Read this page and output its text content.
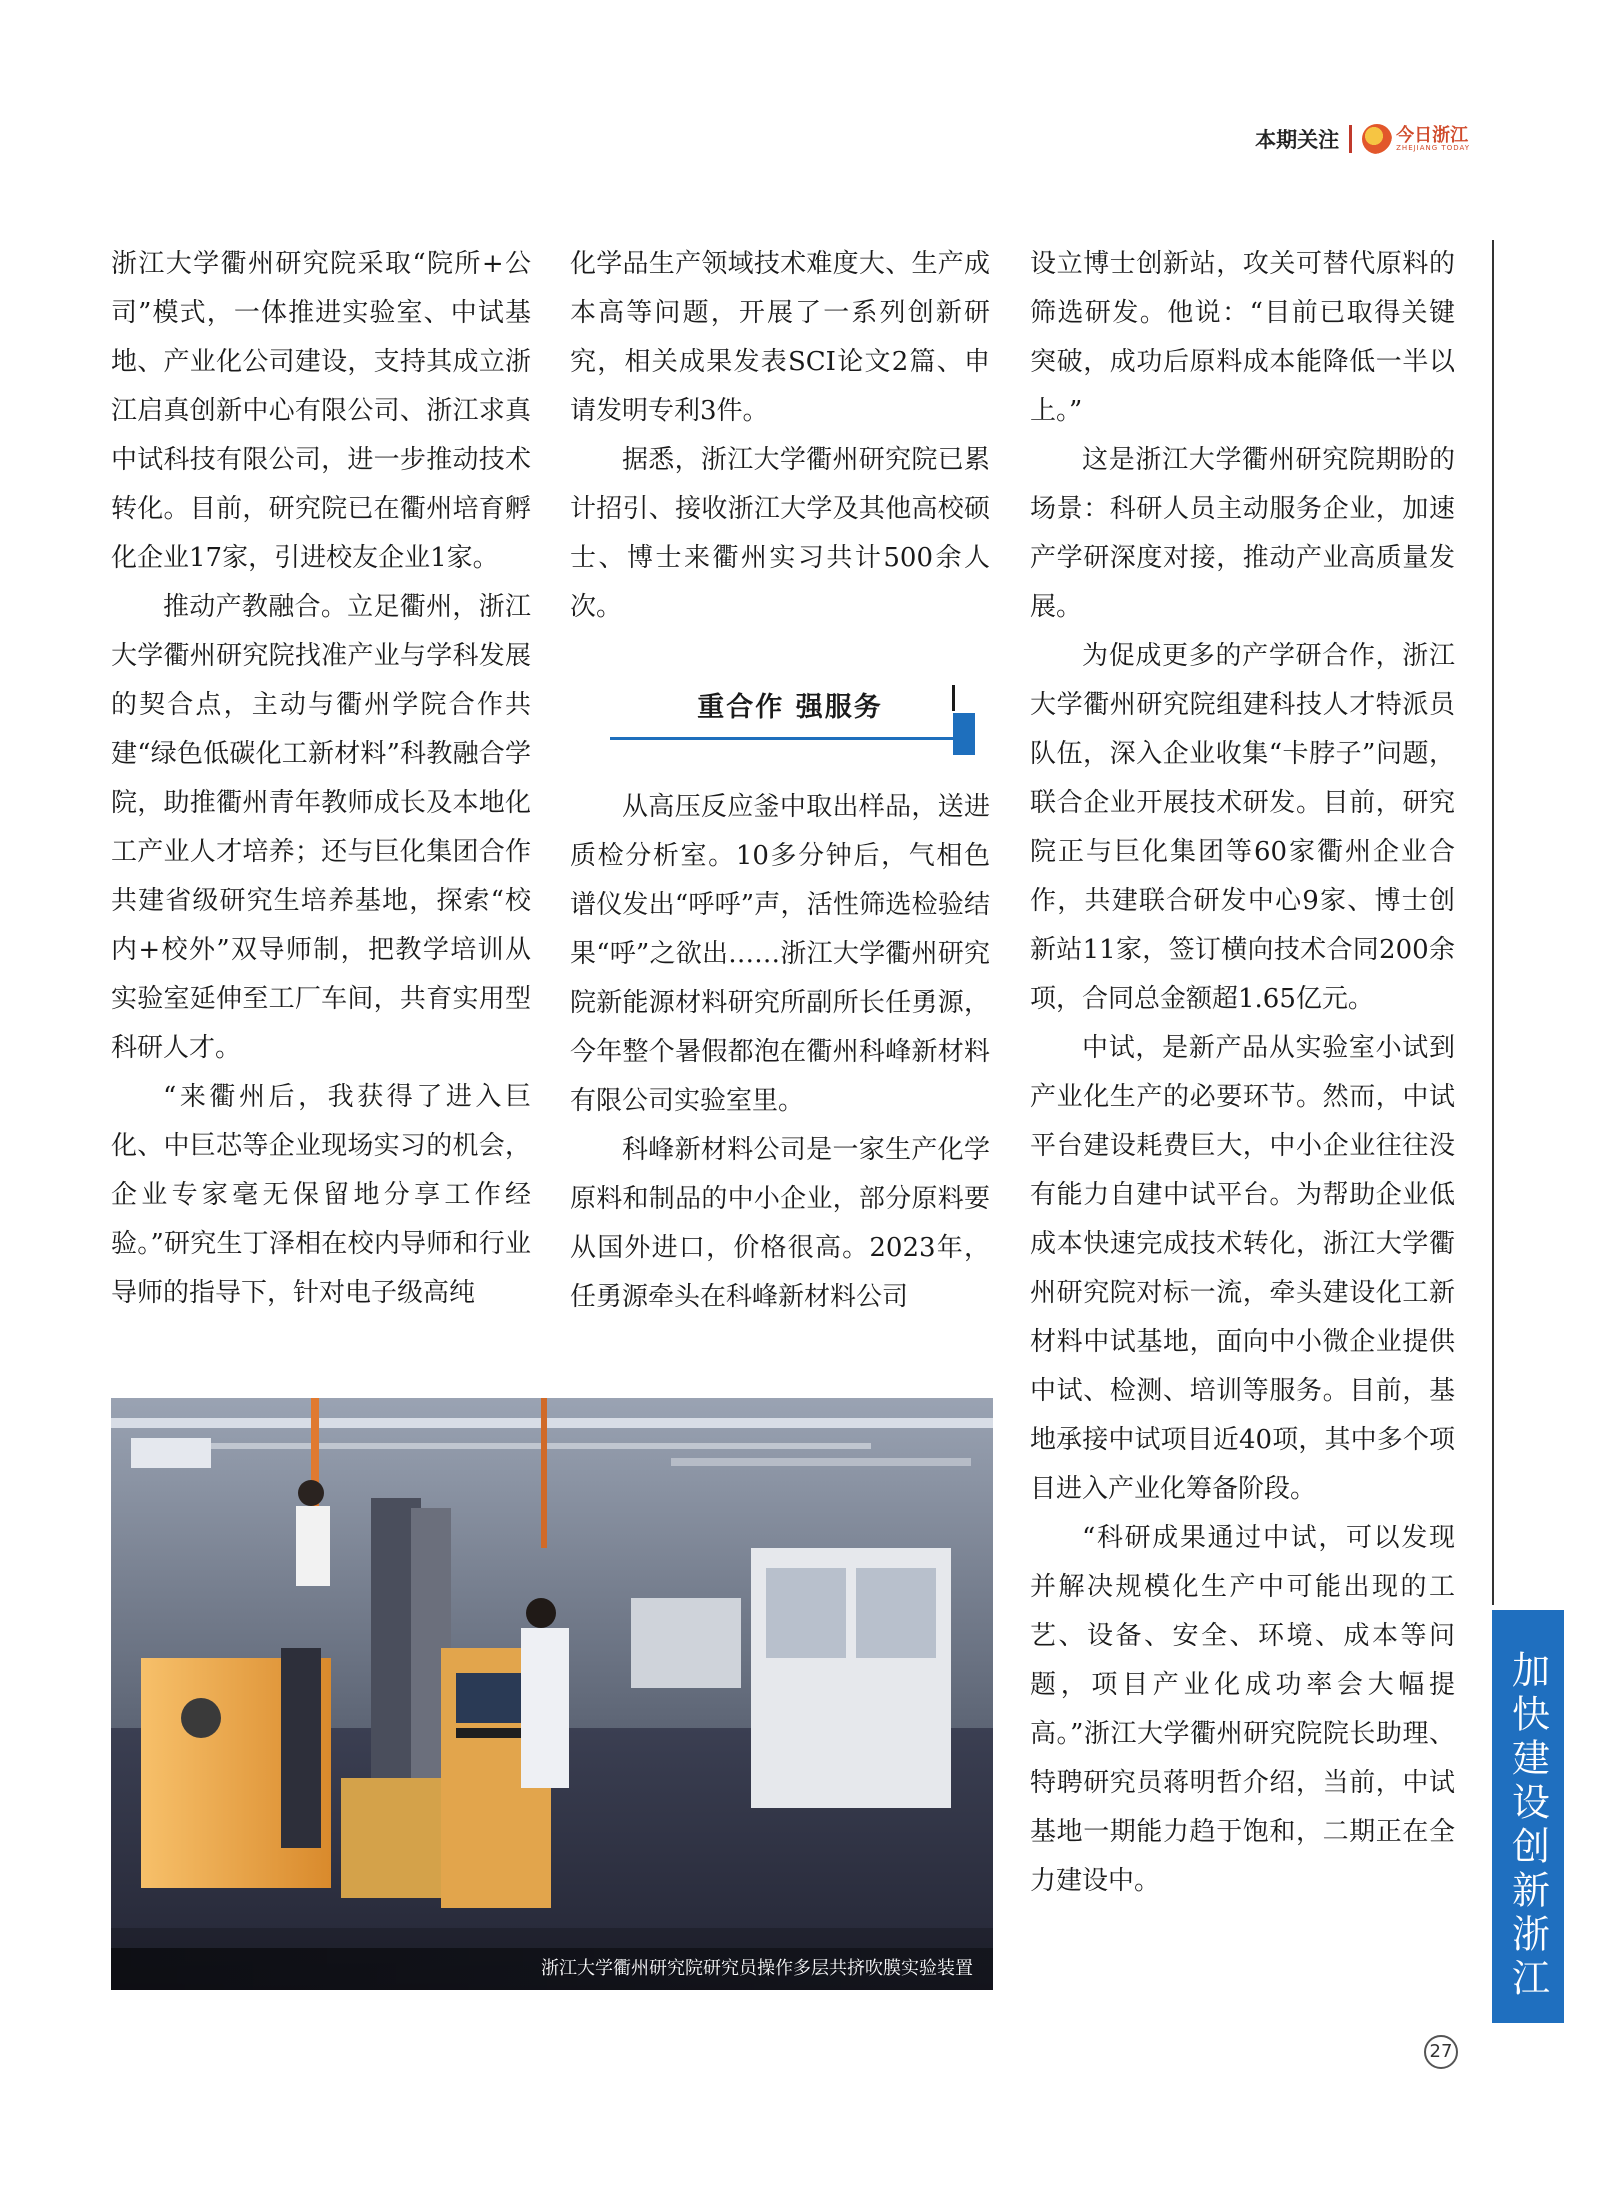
本期关注	今日浙江
ZHEJIANG TODAY

浙江大学衢州研究院采取“院所+公司”模式，一体推进实验室、中试基地、产业化公司建设，支持其成立浙江启真创新中心有限公司、浙江求真中试科技有限公司，进一步推动技术转化。目前，研究院已在衢州培育孵化企业17家，引进校友企业1家。

推动产教融合。立足衢州，浙江大学衢州研究院找准产业与学科发展的契合点，主动与衢州学院合作共建“绿色低碳化工新材料”科教融合学院，助推衢州青年教师成长及本地化工产业人才培养；还与巨化集团合作共建省级研究生培养基地，探索“校内+校外”双导师制，把教学培训从实验室延伸至工厂车间，共育实用型科研人才。

“来衢州后，我获得了进入巨化、中巨芯等企业现场实习的机会，企业专家毫无保留地分享工作经验。”研究生丁泽相在校内导师和行业导师的指导下，针对电子级高纯

化学品生产领域技术难度大、生产成本高等问题，开展了一系列创新研究，相关成果发表SCI论文2篇、申请发明专利3件。

据悉，浙江大学衢州研究院已累计招引、接收浙江大学及其他高校硕士、博士来衢州实习共计500余人次。

重合作 强服务

从高压反应釜中取出样品，送进质检分析室。10多分钟后，气相色谱仪发出“呼呼”声，活性筛选检验结果“呼”之欲出……浙江大学衢州研究院新能源材料研究所副所长任勇源，今年整个暑假都泡在衢州科峰新材料有限公司实验室里。

科峰新材料公司是一家生产化学原料和制品的中小企业，部分原料要从国外进口，价格很高。2023年，任勇源牵头在科峰新材料公司

设立博士创新站，攻关可替代原料的筛选研发。他说：“目前已取得关键突破，成功后原料成本能降低一半以上。”

这是浙江大学衢州研究院期盼的场景：科研人员主动服务企业，加速产学研深度对接，推动产业高质量发展。

为促成更多的产学研合作，浙江大学衢州研究院组建科技人才特派员队伍，深入企业收集“卡脖子”问题，联合企业开展技术研发。目前，研究院正与巨化集团等60家衢州企业合作，共建联合研发中心9家、博士创新站11家，签订横向技术合同200余项，合同总金额超1.65亿元。

中试，是新产品从实验室小试到产业化生产的必要环节。然而，中试平台建设耗费巨大，中小企业往往没有能力自建中试平台。为帮助企业低成本快速完成技术转化，浙江大学衢州研究院对标一流，牵头建设化工新材料中试基地，面向中小微企业提供中试、检测、培训等服务。目前，基地承接中试项目近40项，其中多个项目进入产业化筹备阶段。

“科研成果通过中试，可以发现并解决规模化生产中可能出现的工艺、设备、安全、环境、成本等问题，项目产业化成功率会大幅提高。”浙江大学衢州研究院院长助理、特聘研究员蒋明哲介绍，当前，中试基地一期能力趋于饱和，二期正在全力建设中。

浙江大学衢州研究院研究员操作多层共挤吹膜实验装置	加快建设创新浙江
27
